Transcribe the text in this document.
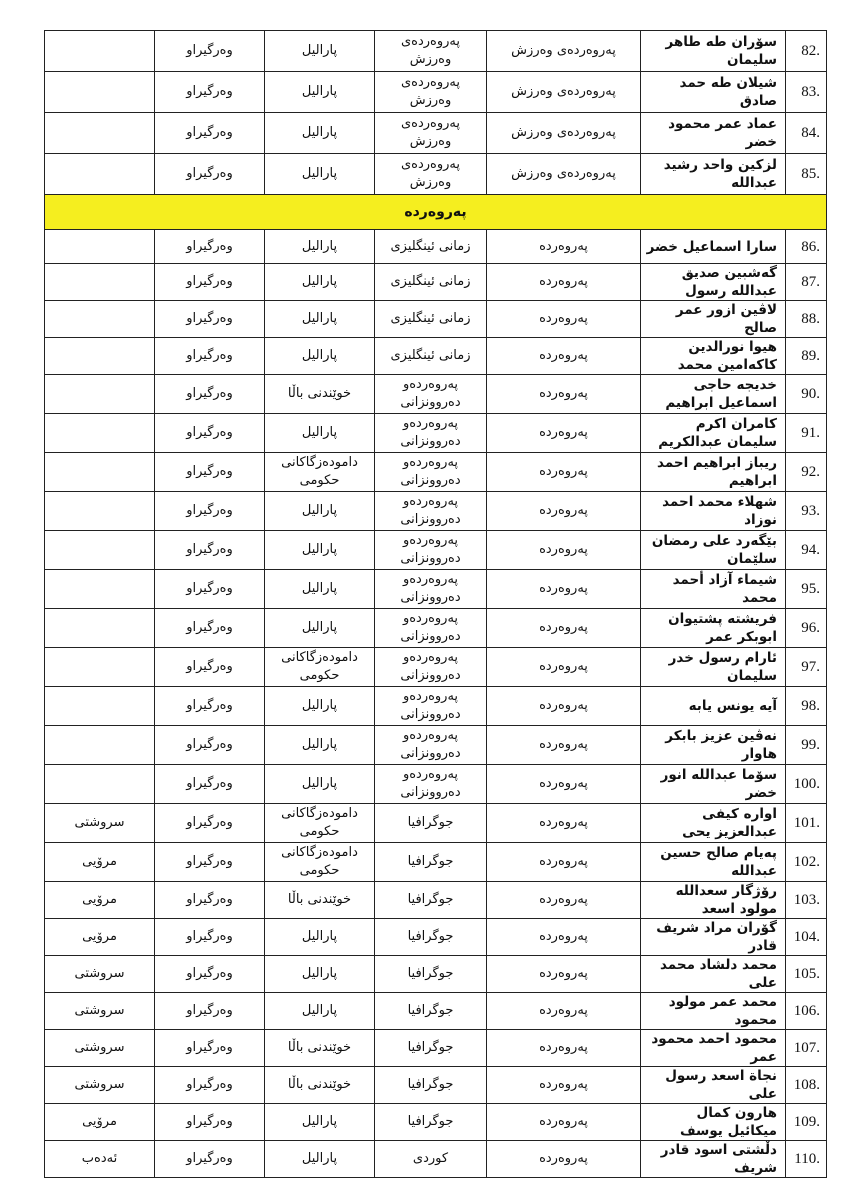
	وەرگیراو	پاراليل	پەروەردەی وەرزش	پەروەردەی وەرزش	سۆران طه طاهر سليمان	82.
	وەرگیراو	پاراليل	پەروەردەی وەرزش	پەروەردەی وەرزش	شيلان طه حمد صادق	83.
	وەرگیراو	پاراليل	پەروەردەی وەرزش	پەروەردەی وەرزش	عماد عمر محمود خضر	84.
	وەرگیراو	پاراليل	پەروەردەی وەرزش	پەروەردەی وەرزش	لزكين واحد رشيد عبدالله	85.
پەروەردە						
	وەرگیراو	پاراليل	زمانی ئینگلیزی	پەروەردە	سارا اسماعيل خضر	86.
	وەرگیراو	پاراليل	زمانی ئینگلیزی	پەروەردە	گەشبين صديق عبدالله رسول	87.
	وەرگیراو	پاراليل	زمانی ئینگلیزی	پەروەردە	لاڤين ازور عمر صالح	88.
	وەرگیراو	پاراليل	زمانی ئینگلیزی	پەروەردە	هيوا نورالدين كاكەامين محمد	89.
	وەرگیراو	خوێندنی باڵا	پەروەردەو دەروونزانی	پەروەردە	خديجه حاجى اسماعيل ابراهيم	90.
	وەرگیراو	پاراليل	پەروەردەو دەروونزانی	پەروەردە	كامران اكرم سليمان عبدالكريم	91.
	وەرگیراو	دامودەزگاكانی حكومی	پەروەردەو دەروونزانی	پەروەردە	ريباز ابراهيم احمد ابراهيم	92.
	وەرگیراو	پاراليل	پەروەردەو دەروونزانی	پەروەردە	شهلاء محمد احمد نوزاد	93.
	وەرگیراو	پاراليل	پەروەردەو دەروونزانی	پەروەردە	بێگەرد على رمضان سلێمان	94.
	وەرگیراو	پاراليل	پەروەردەو دەروونزانی	پەروەردە	شيماء آزاد أحمد محمد	95.
	وەرگیراو	پاراليل	پەروەردەو دەروونزانی	پەروەردە	فريشته پشتيوان ابوبكر عمر	96.
	وەرگیراو	دامودەزگاكانی حكومی	پەروەردەو دەروونزانی	پەروەردە	ئارام رسول خدر سليمان	97.
	وەرگیراو	پاراليل	پەروەردەو دەروونزانی	پەروەردە	آيه يونس يابه	98.
	وەرگیراو	پاراليل	پەروەردەو دەروونزانی	پەروەردە	نەڤين عزيز بابكر هاوار	99.
	وەرگیراو	پاراليل	پەروەردەو دەروونزانی	پەروەردە	سۆما عبدالله انور خضر	100.
سروشتی	وەرگیراو	دامودەزگاكانی حكومی	جوگرافيا	پەروەردە	اواره كيفى عبدالعزيز يحى	101.
مرۆیی	وەرگیراو	دامودەزگاكانی حكومی	جوگرافيا	پەروەردە	پەيام صالح حسين عبدالله	102.
مرۆیی	وەرگیراو	خوێندنی باڵا	جوگرافيا	پەروەردە	رۆژگار سعدالله مولود اسعد	103.
مرۆیی	وەرگیراو	پاراليل	جوگرافيا	پەروەردە	گۆران مراد شريف قادر	104.
سروشتی	وەرگیراو	پاراليل	جوگرافيا	پەروەردە	محمد دلشاد محمد على	105.
سروشتی	وەرگیراو	پاراليل	جوگرافيا	پەروەردە	محمد عمر مولود محمود	106.
سروشتی	وەرگیراو	خوێندنی باڵا	جوگرافيا	پەروەردە	محمود احمد محمود عمر	107.
سروشتی	وەرگیراو	خوێندنی باڵا	جوگرافيا	پەروەردە	نجاة اسعد رسول على	108.
مرۆیی	وەرگیراو	پاراليل	جوگرافيا	پەروەردە	هارون كمال ميكائيل يوسف	109.
ئەدەب	وەرگیراو	پاراليل	كوردی	پەروەردە	دڵشتى اسود قادر شريف	110.
